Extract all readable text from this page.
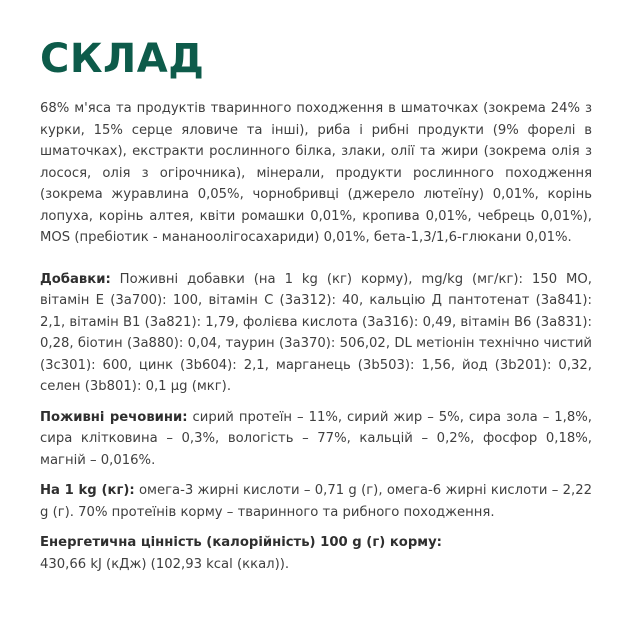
СКЛАД

68% м'яса та продуктів тваринного походження в шматочках (зокрема 24% з курки, 15% серце яловиче та інші), риба і рибні продукти (9% форелі в шматочках), екстракти рослинного білка, злаки, олії та жири (зокрема олія з лосося, олія з огірочника), мінерали, продукти рослинного походження (зокрема журавлина 0,05%, чорнобривці (джерело лютеїну) 0,01%, корінь лопуха, корінь алтея, квіти ромашки 0,01%, кропива 0,01%, чебрець 0,01%), MOS (пребіотик - мананоолігосахариди) 0,01%, бета-1,3/1,6-глюкани 0,01%.

Добавки: Поживні добавки (на 1 kg (кг) корму), mg/kg (мг/кг): 150 МО, вітамін E (3a700): 100, вітамін C (3a312): 40, кальцію Д пантотенат (3a841): 2,1, вітамін B1 (3a821): 1,79, фолієва кислота (3a316): 0,49, вітамін B6 (3a831): 0,28, біотин (3a880): 0,04, таурин (3a370): 506,02, DL метіонін технічно чистий (3c301): 600, цинк (3b604): 2,1, марганець (3b503): 1,56, йод (3b201): 0,32, селен (3b801): 0,1 µg (мкг).

Поживні речовини: сирий протеїн – 11%, сирий жир – 5%, сира зола – 1,8%, сира клітковина – 0,3%, вологість – 77%, кальцій – 0,2%, фосфор 0,18%, магній – 0,016%.

На 1 kg (кг): омега-3 жирні кислоти – 0,71 g (г), омега-6 жирні кислоти – 2,22 g (г). 70% протеїнів корму – тваринного та рибного походження.

Енергетична цінність (калорійність) 100 g (г) корму:

430,66 kJ (кДж) (102,93 kcal (ккал)).
